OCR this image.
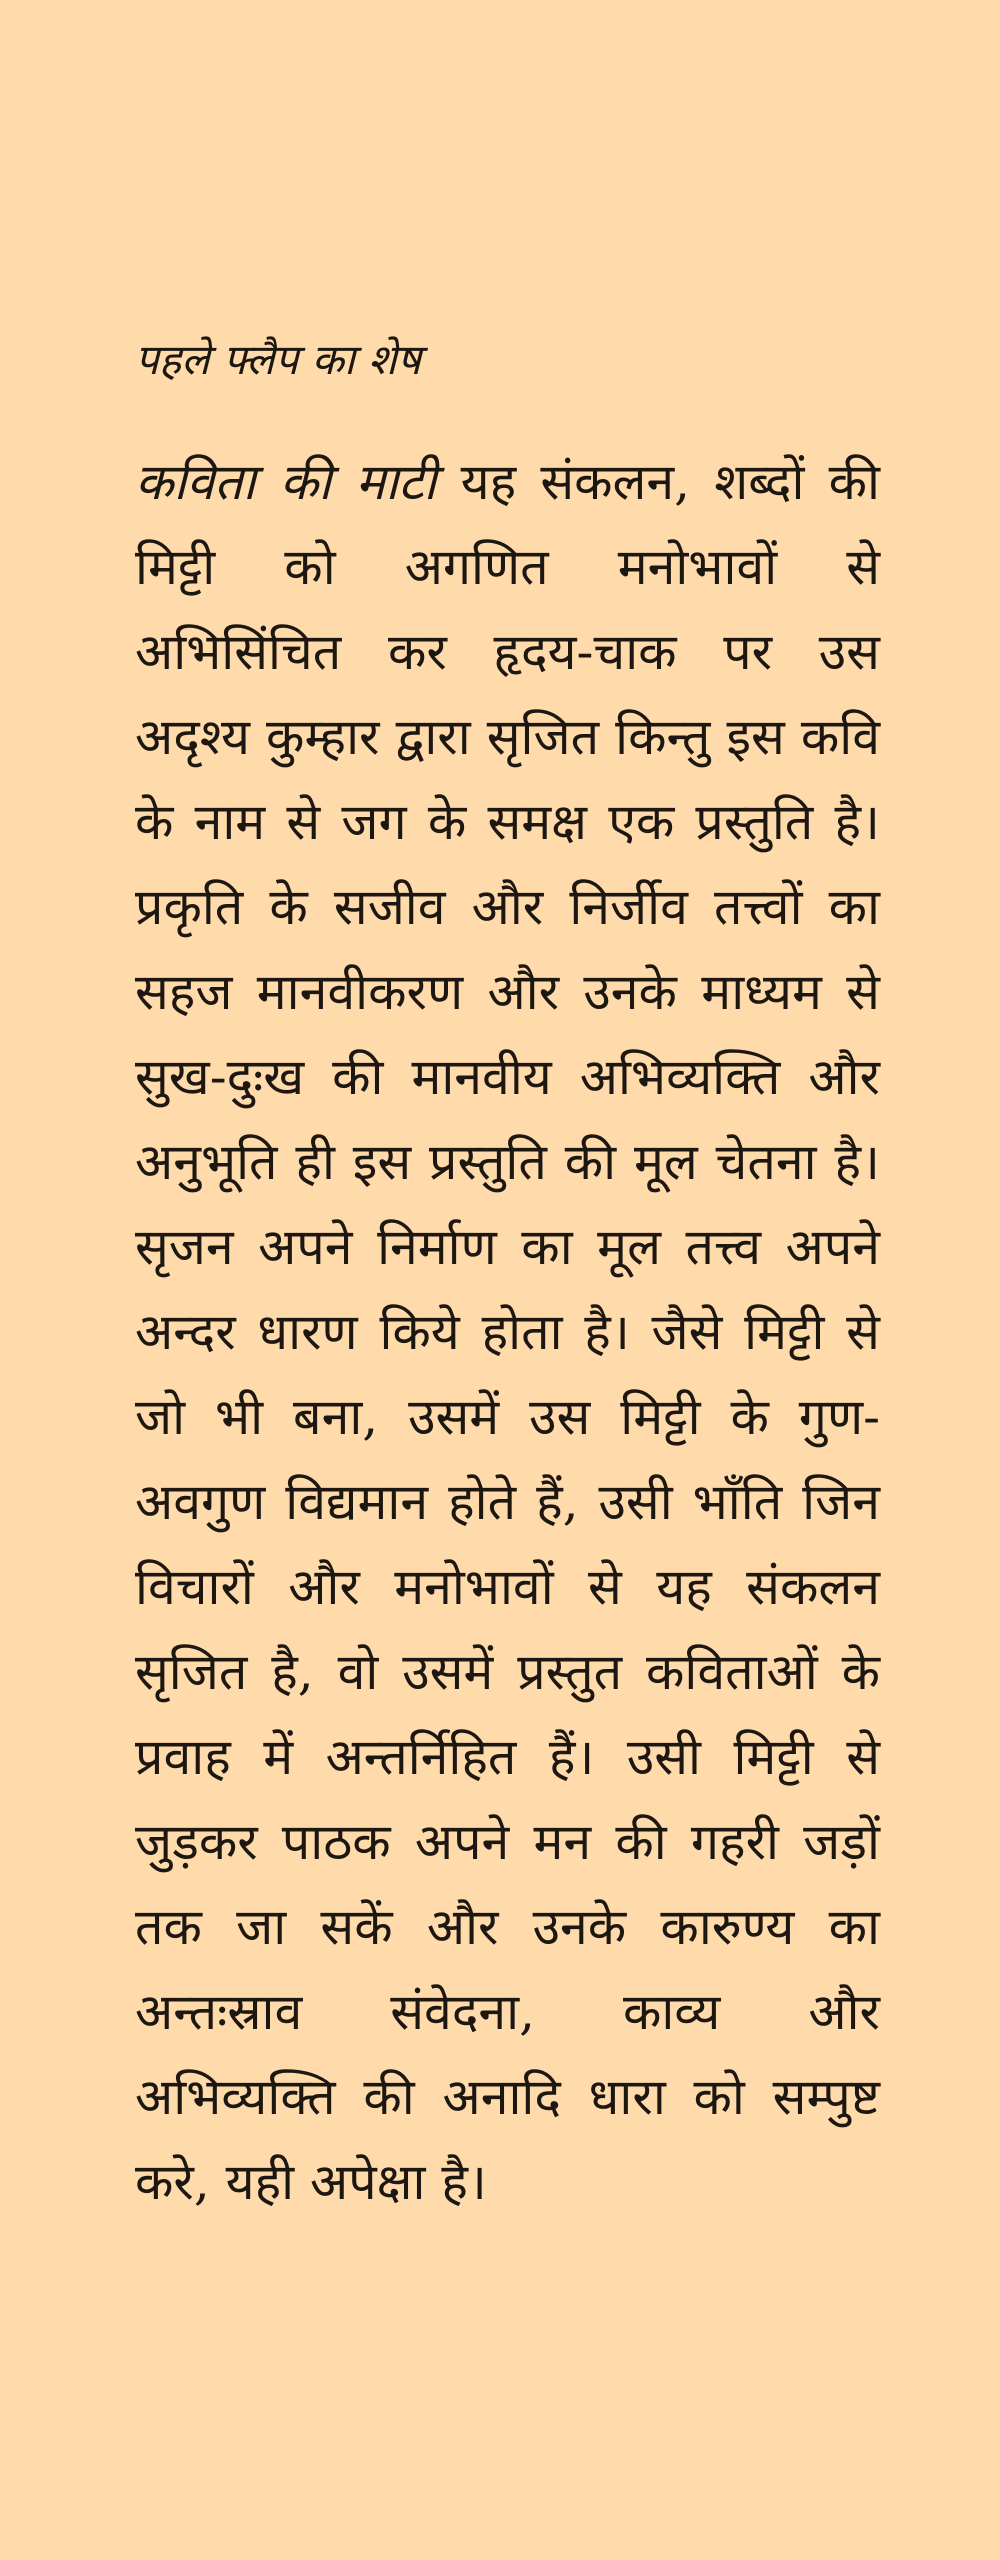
पहले फ्लैप का शेष

कविता की माटी यह संकलन, शब्दों की मिट्टी को अगणित मनोभावों से अभिसिंचित कर हृदय-चाक पर उस अदृश्य कुम्हार द्वारा सृजित किन्तु इस कवि के नाम से जग के समक्ष एक प्रस्तुति है। प्रकृति के सजीव और निर्जीव तत्त्वों का सहज मानवीकरण और उनके माध्यम से सुख-दुःख की मानवीय अभिव्यक्ति और अनुभूति ही इस प्रस्तुति की मूल चेतना है। सृजन अपने निर्माण का मूल तत्त्व अपने अन्दर धारण किये होता है। जैसे मिट्टी से जो भी बना, उसमें उस मिट्टी के गुण-अवगुण विद्यमान होते हैं, उसी भाँति जिन विचारों और मनोभावों से यह संकलन सृजित है, वो उसमें प्रस्तुत कविताओं के प्रवाह में अन्तर्निहित हैं। उसी मिट्टी से जुड़कर पाठक अपने मन की गहरी जड़ों तक जा सकें और उनके कारुण्य का अन्तःस्राव संवेदना, काव्य और अभिव्यक्ति की अनादि धारा को सम्पुष्ट करे, यही अपेक्षा है।
